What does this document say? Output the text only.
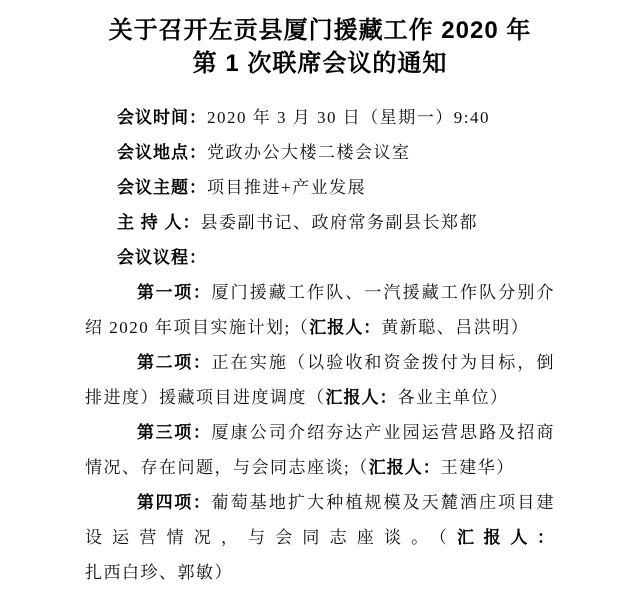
关于召开左贡县厦门援藏工作 2020 年
第 1 次联席会议的通知

会议时间：2020 年 3 月 30 日（星期一）9:40

会议地点：党政办公大楼二楼会议室

会议主题：项目推进+产业发展

主 持 人：县委副书记、政府常务副县长郑都

会议议程：

第一项：厦门援藏工作队、一汽援藏工作队分别介绍 2020 年项目实施计划;（汇报人：黄新聪、吕洪明）

第二项：正在实施（以验收和资金拨付为目标，倒排进度）援藏项目进度调度（汇报人：各业主单位）

第三项：厦康公司介绍夯达产业园运营思路及招商情况、存在问题，与会同志座谈;（汇报人：王建华）

第四项：葡萄基地扩大种植规模及天麓酒庄项目建设运营情况，与会同志座谈。（汇报人：扎西白珍、郭敏）
